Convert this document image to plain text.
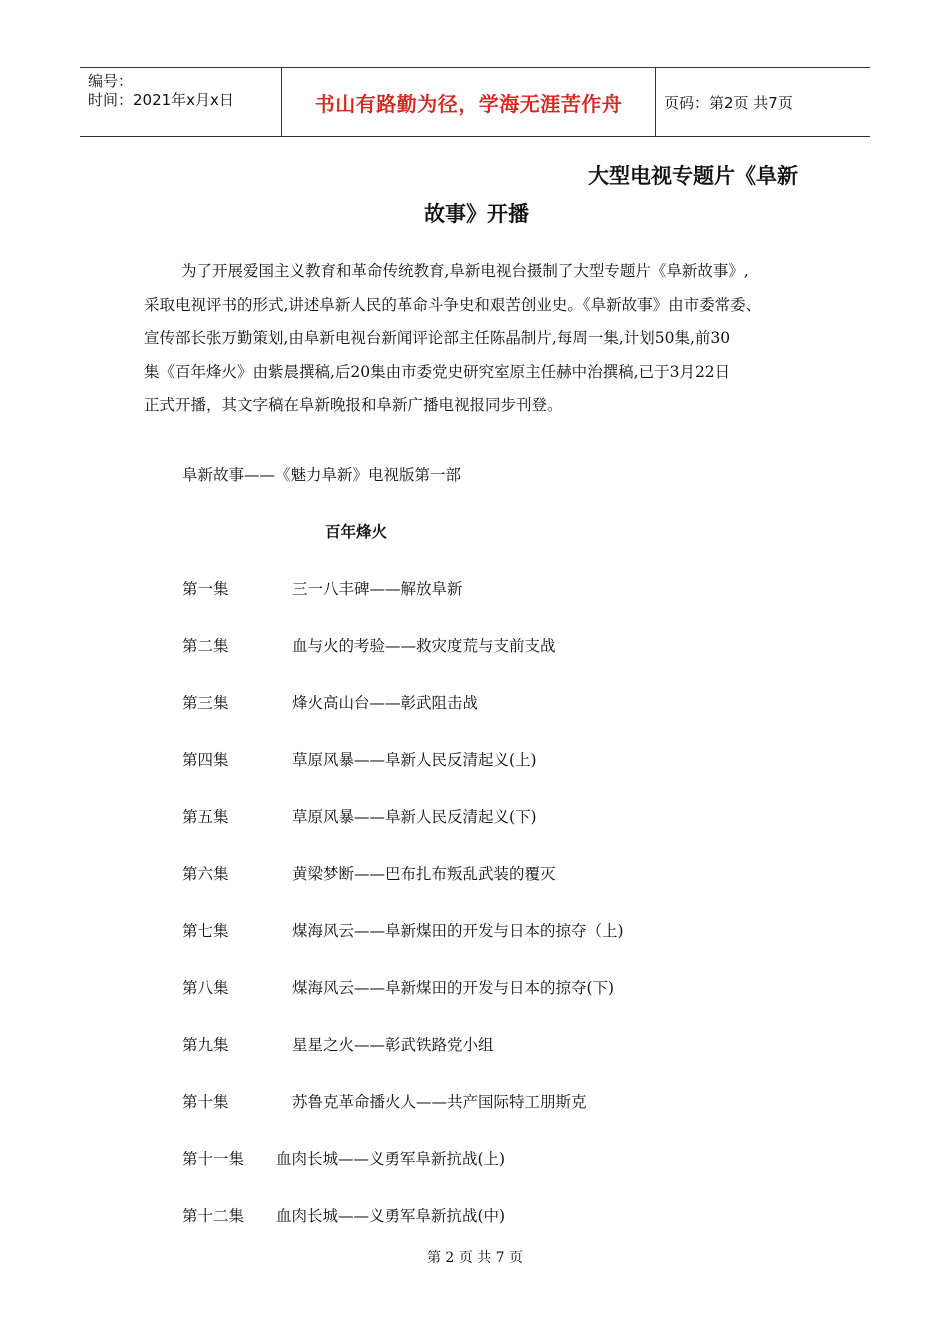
编号：
时间：2021年x月x日	书山有路勤为径，学海无涯苦作舟	页码：第2页 共7页
大型电视专题片《阜新
故事》开播
为了开展爱国主义教育和革命传统教育,阜新电视台摄制了大型专题片《阜新故事》,
采取电视评书的形式,讲述阜新人民的革命斗争史和艰苦创业史。《阜新故事》由市委常委、
宣传部长张万勤策划,由阜新电视台新闻评论部主任陈晶制片,每周一集,计划50集,前30
集《百年烽火》由紫晨撰稿,后20集由市委党史研究室原主任赫中治撰稿,已于3月22日
正式开播，其文字稿在阜新晚报和阜新广播电视报同步刊登。
阜新故事——《魅力阜新》电视版第一部
百年烽火
第一集	三一八丰碑——解放阜新
第二集	血与火的考验——救灾度荒与支前支战
第三集	烽火高山台——彰武阻击战
第四集	草原风暴——阜新人民反清起义(上)
第五集	草原风暴——阜新人民反清起义(下)
第六集	黄梁梦断——巴布扎布叛乱武装的覆灭
第七集	煤海风云——阜新煤田的开发与日本的掠夺（上)
第八集	煤海风云——阜新煤田的开发与日本的掠夺(下)
第九集	星星之火——彰武铁路党小组
第十集	苏鲁克革命播火人——共产国际特工朋斯克
第十一集 血肉长城——义勇军阜新抗战(上)
第十二集 血肉长城——义勇军阜新抗战(中)
第 2 页 共 7 页
